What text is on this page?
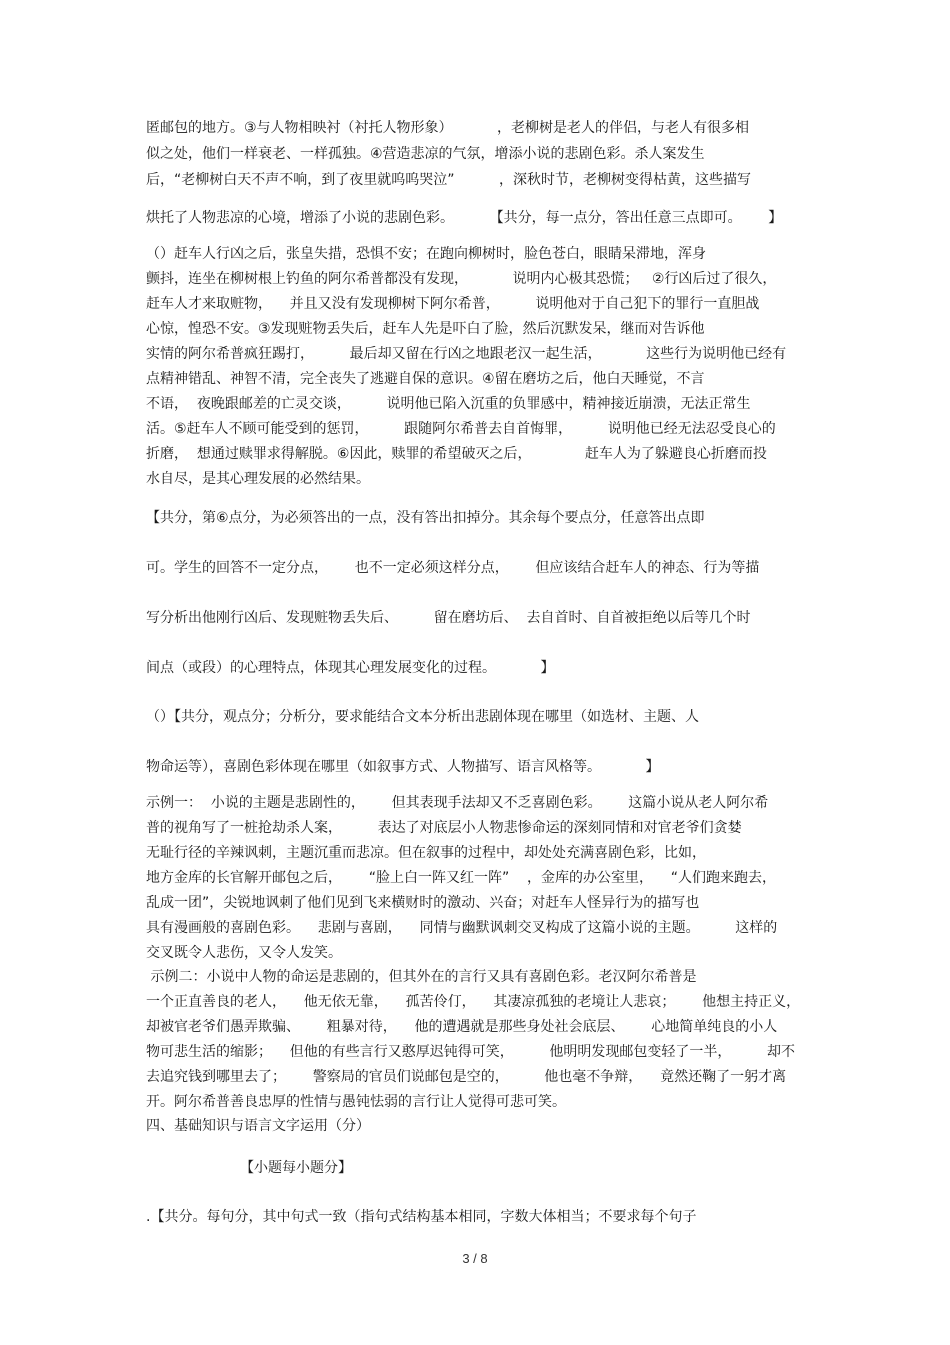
匿邮包的地方。③与人物相映衬（衬托人物形象）          ，老柳树是老人的伴侣，与老人有很多相
似之处，他们一样衰老、一样孤独。④营造悲凉的气氛，增添小说的悲剧色彩。杀人案发生
后，“老柳树白天不声不响，到了夜里就呜呜哭泣”          ，深秋时节，老柳树变得枯黄，这些描写
烘托了人物悲凉的心境，增添了小说的悲剧色彩。        【共分，每一点分，答出任意三点即可。      】
（）赶车人行凶之后，张皇失措，恐惧不安；在跑向柳树时，脸色苍白，眼睛呆滞地，浑身
颤抖，连坐在柳树根上钓鱼的阿尔希普都没有发现，          说明内心极其恐慌；   ②行凶后过了很久，
赶车人才来取赃物，    并且又没有发现柳树下阿尔希普，        说明他对于自己犯下的罪行一直胆战
心惊，惶恐不安。③发现赃物丢失后，赶车人先是吓白了脸，然后沉默发呆，继而对告诉他
实情的阿尔希普疯狂踢打，        最后却又留在行凶之地跟老汉一起生活，          这些行为说明他已经有
点精神错乱、神智不清，完全丧失了逃避自保的意识。④留在磨坊之后，他白天睡觉，不言
不语，  夜晚跟邮差的亡灵交谈，        说明他已陷入沉重的负罪感中，精神接近崩溃，无法正常生
活。⑤赶车人不顾可能受到的惩罚，        跟随阿尔希普去自首悔罪，        说明他已经无法忍受良心的
折磨，  想通过赎罪求得解脱。⑥因此，赎罪的希望破灭之后，            赶车人为了躲避良心折磨而投
水自尽，是其心理发展的必然结果。
【共分，第⑥点分，为必须答出的一点，没有答出扣掉分。其余每个要点分，任意答出点即
可。学生的回答不一定分点，      也不一定必须这样分点，      但应该结合赶车人的神态、行为等描
写分析出他刚行凶后、发现赃物丢失后、        留在磨坊后、  去自首时、自首被拒绝以后等几个时
间点（或段）的心理特点，体现其心理发展变化的过程。          】
（）【共分，观点分；分析分，要求能结合文本分析出悲剧体现在哪里（如选材、主题、人
物命运等），喜剧色彩体现在哪里（如叙事方式、人物描写、语言风格等。          】
示例一：  小说的主题是悲剧性的，      但其表现手法却又不乏喜剧色彩。      这篇小说从老人阿尔希
普的视角写了一桩抢劫杀人案，        表达了对底层小人物悲惨命运的深刻同情和对官老爷们贪婪
无耻行径的辛辣讽刺，主题沉重而悲凉。但在叙事的过程中，却处处充满喜剧色彩，比如，
地方金库的长官解开邮包之后，      “脸上白一阵又红一阵”    ，金库的办公室里，    “人们跑来跑去，
乱成一团”，尖锐地讽刺了他们见到飞来横财时的激动、兴奋；对赶车人怪异行为的描写也
具有漫画般的喜剧色彩。    悲剧与喜剧，    同情与幽默讽刺交叉构成了这篇小说的主题。        这样的
交叉既令人悲伤，又令人发笑。
示例二：小说中人物的命运是悲剧的，但其外在的言行又具有喜剧色彩。老汉阿尔希普是
一个正直善良的老人，    他无依无靠，    孤苦伶仃，    其凄凉孤独的老境让人悲哀；      他想主持正义，
却被官老爷们愚弄欺骗、      粗暴对待，    他的遭遇就是那些身处社会底层、      心地简单纯良的小人
物可悲生活的缩影；    但他的有些言行又憨厚迟钝得可笑，        他明明发现邮包变轻了一半，        却不
去追究钱到哪里去了；      警察局的官员们说邮包是空的，        他也毫不争辩，    竟然还鞠了一躬才离
开。阿尔希普善良忠厚的性情与愚钝怯弱的言行让人觉得可悲可笑。
四、基础知识与语言文字运用（分）
【小题每小题分】
.【共分。每句分，其中句式一致（指句式结构基本相同，字数大体相当；不要求每个句子
3 / 8
